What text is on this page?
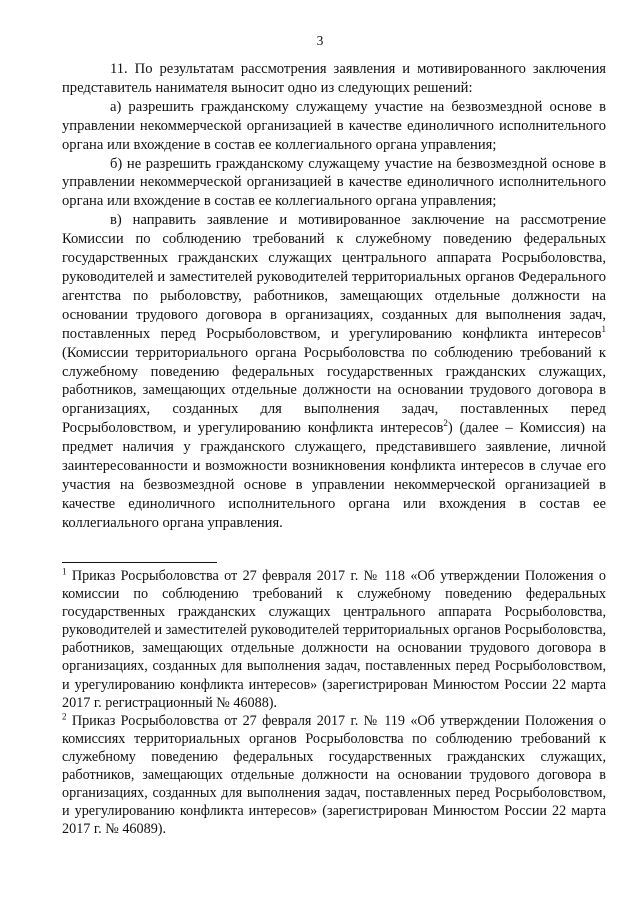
3

11. По результатам рассмотрения заявления и мотивированного заключения представитель нанимателя выносит одно из следующих решений:

а) разрешить гражданскому служащему участие на безвозмездной основе в управлении некоммерческой организацией в качестве единоличного исполнительного органа или вхождение в состав ее коллегиального органа управления;

б) не разрешить гражданскому служащему участие на безвозмездной основе в управлении некоммерческой организацией в качестве единоличного исполнительного органа или вхождение в состав ее коллегиального органа управления;

в) направить заявление и мотивированное заключение на рассмотрение Комиссии по соблюдению требований к служебному поведению федеральных государственных гражданских служащих центрального аппарата Росрыболовства, руководителей и заместителей руководителей территориальных органов Федерального агентства по рыболовству, работников, замещающих отдельные должности на основании трудового договора в организациях, созданных для выполнения задач, поставленных перед Росрыболовством, и урегулированию конфликта интересов$^1$ (Комиссии территориального органа Росрыболовства по соблюдению требований к служебному поведению федеральных государственных гражданских служащих, работников, замещающих отдельные должности на основании трудового договора в организациях, созданных для выполнения задач, поставленных перед Росрыболовством, и урегулированию конфликта интересов$^2$) (далее – Комиссия) на предмет наличия у гражданского служащего, представившего заявление, личной заинтересованности и возможности возникновения конфликта интересов в случае его участия на безвозмездной основе в управлении некоммерческой организацией в качестве единоличного исполнительного органа или вхождения в состав ее коллегиального органа управления.

$^1$ Приказ Росрыболовства от 27 февраля 2017 г. № 118 «Об утверждении Положения о комиссии по соблюдению требований к служебному поведению федеральных государственных гражданских служащих центрального аппарата Росрыболовства, руководителей и заместителей руководителей территориальных органов Росрыболовства, работников, замещающих отдельные должности на основании трудового договора в организациях, созданных для выполнения задач, поставленных перед Росрыболовством, и урегулированию конфликта интересов» (зарегистрирован Минюстом России 22 марта 2017 г. регистрационный № 46088).

$^2$ Приказ Росрыболовства от 27 февраля 2017 г. № 119 «Об утверждении Положения о комиссиях территориальных органов Росрыболовства по соблюдению требований к служебному поведению федеральных государственных гражданских служащих, работников, замещающих отдельные должности на основании трудового договора в организациях, созданных для выполнения задач, поставленных перед Росрыболовством, и урегулированию конфликта интересов» (зарегистрирован Минюстом России 22 марта 2017 г. № 46089).
